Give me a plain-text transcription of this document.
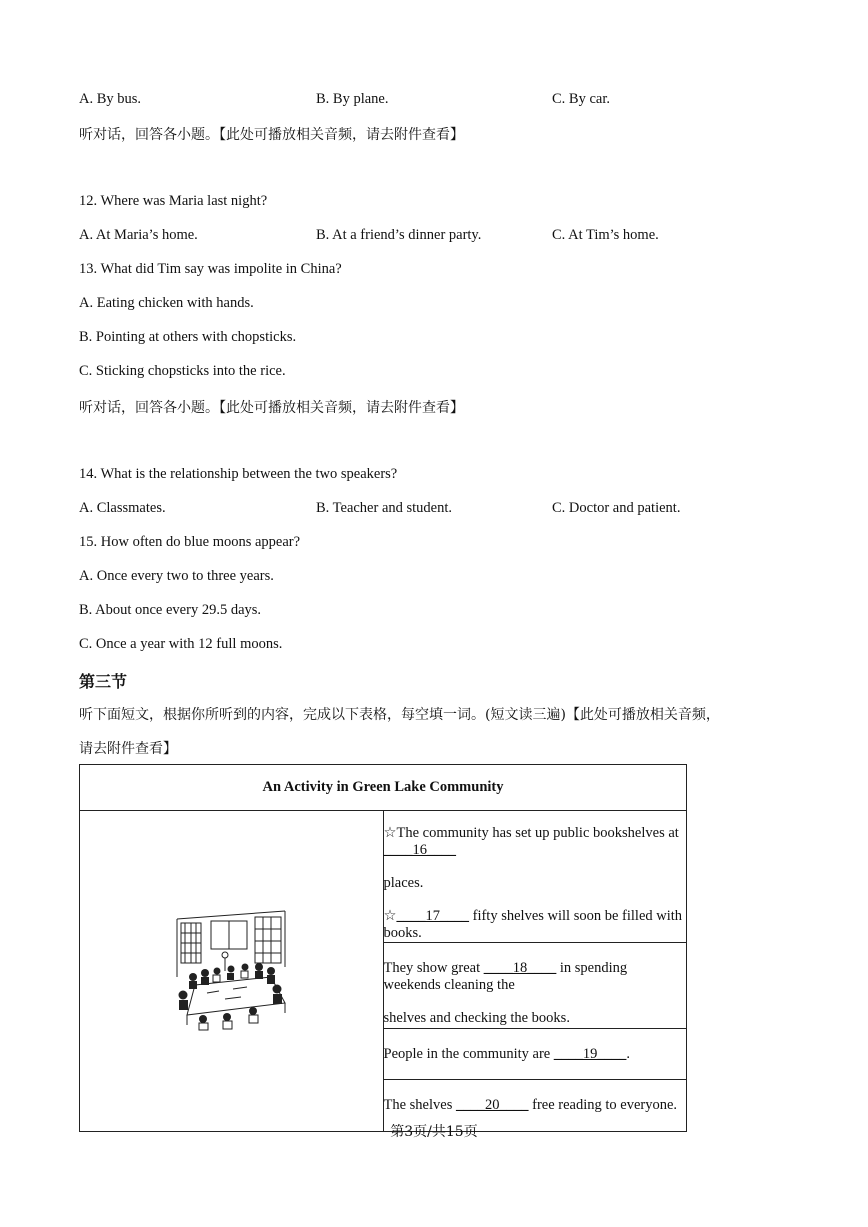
A. By bus.	B. By plane.	C. By car.
听对话，回答各小题。【此处可播放相关音频，请去附件查看】
12. Where was Maria last night?
A. At Maria’s home.	B. At a friend’s dinner party.	C. At Tim’s home.
13. What did Tim say was impolite in China?
A. Eating chicken with hands.
B. Pointing at others with chopsticks.
C. Sticking chopsticks into the rice.
听对话，回答各小题。【此处可播放相关音频，请去附件查看】
14. What is the relationship between the two speakers?
A. Classmates.	B. Teacher and student.	C. Doctor and patient.
15. How often do blue moons appear?
A. Once every two to three years.
B. About once every 29.5 days.
C. Once a year with 12 full moons.
第三节
听下面短文，根据你所听到的内容，完成以下表格，每空填一词。(短文读三遍)【此处可播放相关音频，
请去附件查看】
An Activity in Green Lake Community

☆The community has set up public bookshelves at ____16____
places.
☆____17____ fifty shelves will soon be filled with books.

They show great ____18____ in spending weekends cleaning the
shelves and checking the books.

People in the community are ____19____.
The shelves ____20____ free reading to everyone.
第3页/共15页
